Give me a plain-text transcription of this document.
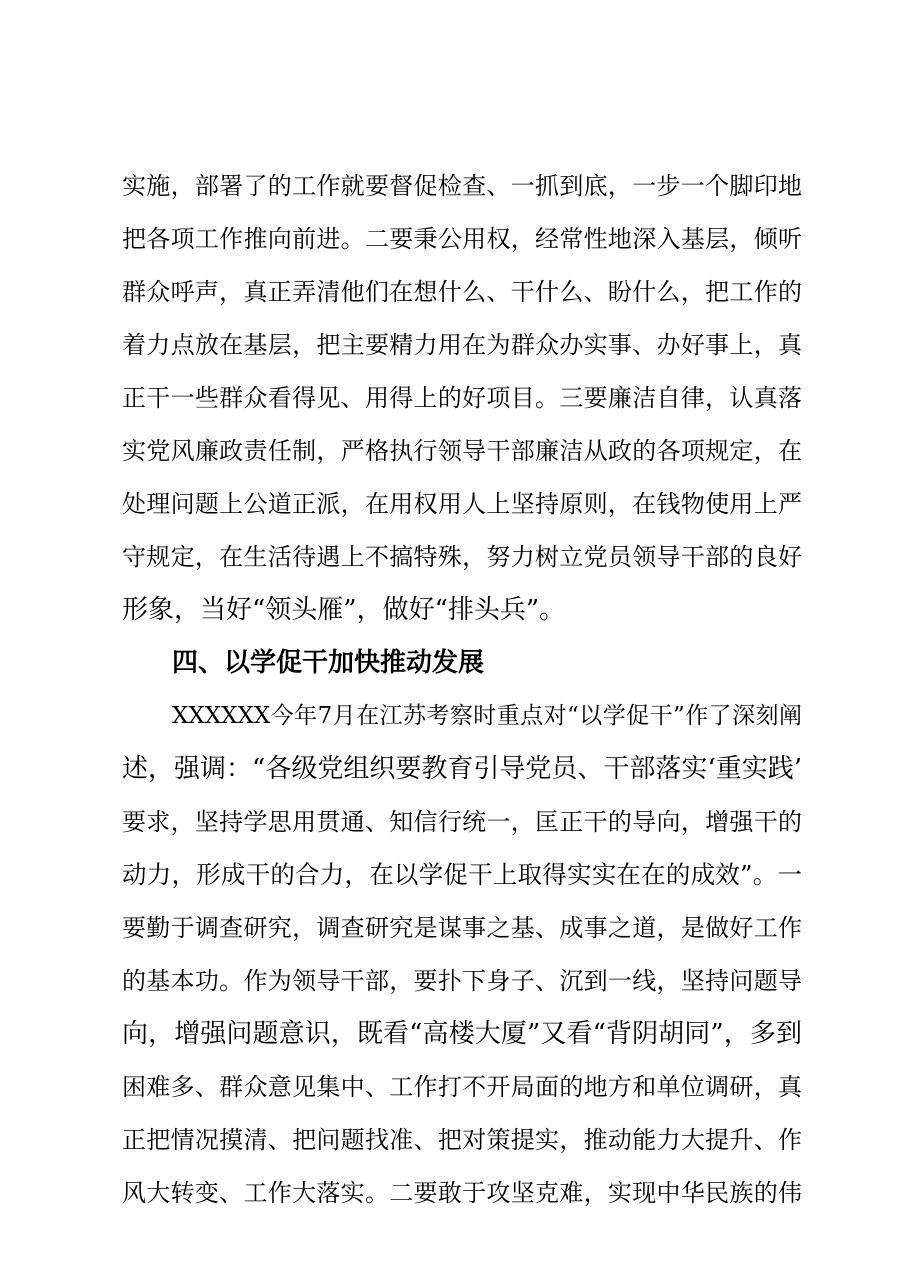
实施，部署了的工作就要督促检查、一抓到底，一步一个脚印地
把各项工作推向前进。二要秉公用权，经常性地深入基层，倾听
群众呼声，真正弄清他们在想什么、干什么、盼什么，把工作的
着力点放在基层，把主要精力用在为群众办实事、办好事上，真
正干一些群众看得见、用得上的好项目。三要廉洁自律，认真落
实党风廉政责任制，严格执行领导干部廉洁从政的各项规定，在
处理问题上公道正派，在用权用人上坚持原则，在钱物使用上严
守规定，在生活待遇上不搞特殊，努力树立党员领导干部的良好
形象，当好“领头雁”，做好“排头兵”。
四、以学促干加快推动发展
XXXXXX今年7月在江苏考察时重点对“以学促干”作了深刻阐
述，强调：“各级党组织要教育引导党员、干部落实‘重实践’
要求，坚持学思用贯通、知信行统一，匡正干的导向，增强干的
动力，形成干的合力，在以学促干上取得实实在在的成效”。一
要勤于调查研究，调查研究是谋事之基、成事之道，是做好工作
的基本功。作为领导干部，要扑下身子、沉到一线，坚持问题导
向，增强问题意识，既看“高楼大厦”又看“背阴胡同”，多到
困难多、群众意见集中、工作打不开局面的地方和单位调研，真
正把情况摸清、把问题找准、把对策提实，推动能力大提升、作
风大转变、工作大落实。二要敢于攻坚克难，实现中华民族的伟
